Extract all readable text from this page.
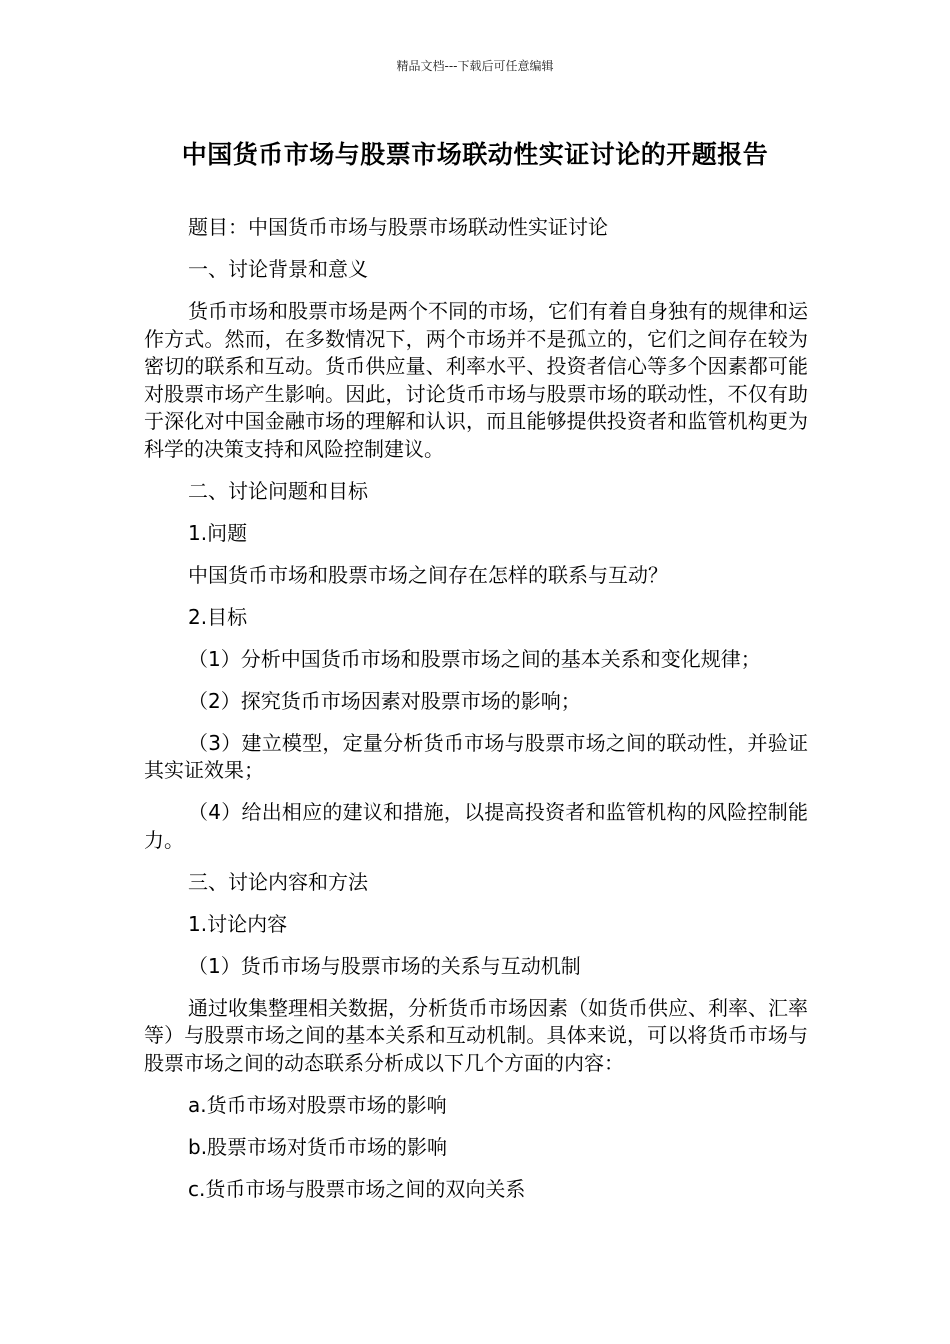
精品文档---下载后可任意编辑
中国货币市场与股票市场联动性实证讨论的开题报告

题目：中国货币市场与股票市场联动性实证讨论

一、讨论背景和意义

货币市场和股票市场是两个不同的市场，它们有着自身独有的规律和运作方式。然而，在多数情况下，两个市场并不是孤立的，它们之间存在较为密切的联系和互动。货币供应量、利率水平、投资者信心等多个因素都可能对股票市场产生影响。因此，讨论货币市场与股票市场的联动性，不仅有助于深化对中国金融市场的理解和认识，而且能够提供投资者和监管机构更为科学的决策支持和风险控制建议。

二、讨论问题和目标

1.问题

中国货币市场和股票市场之间存在怎样的联系与互动？

2.目标

（1）分析中国货币市场和股票市场之间的基本关系和变化规律；

（2）探究货币市场因素对股票市场的影响；

（3）建立模型，定量分析货币市场与股票市场之间的联动性，并验证其实证效果；

（4）给出相应的建议和措施，以提高投资者和监管机构的风险控制能力。

三、讨论内容和方法

1.讨论内容

（1）货币市场与股票市场的关系与互动机制

通过收集整理相关数据，分析货币市场因素（如货币供应、利率、汇率等）与股票市场之间的基本关系和互动机制。具体来说，可以将货币市场与股票市场之间的动态联系分析成以下几个方面的内容：

a.货币市场对股票市场的影响

b.股票市场对货币市场的影响

c.货币市场与股票市场之间的双向关系
